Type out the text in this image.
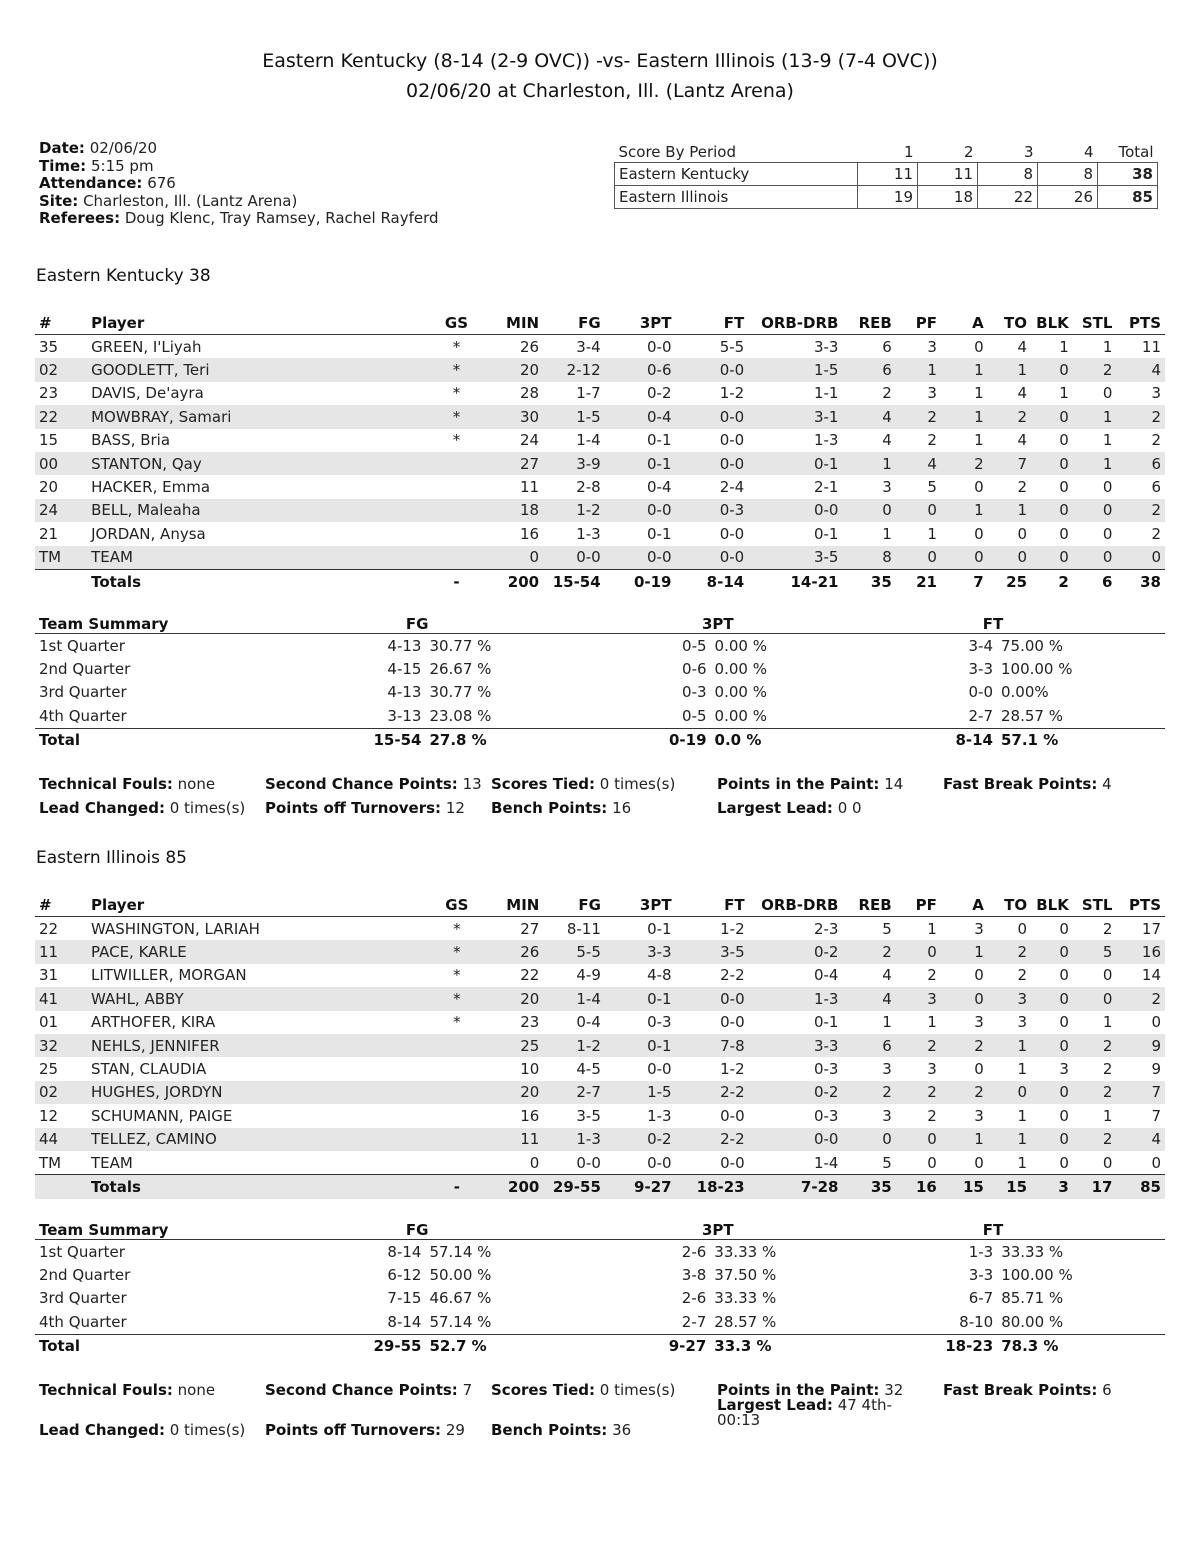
Eastern Kentucky (8-14 (2-9 OVC)) -vs- Eastern Illinois (13-9 (7-4 OVC))
02/06/20 at Charleston, Ill. (Lantz Arena)
Date: 02/06/20
Time: 5:15 pm
Attendance: 676
Site: Charleston, Ill. (Lantz Arena)
Referees: Doug Klenc, Tray Ramsey, Rachel Rayferd
Score By Period	1	2	3	4	Total
Eastern Kentucky	11	11	8	8	38
Eastern Illinois	19	18	22	26	85
Eastern Kentucky 38
#	Player	GS	MIN	FG	3PT	FT	ORB-DRB	REB	PF	A	TO	BLK	STL	PTS
35	GREEN, I'Liyah	*	26	3-4	0-0	5-5	3-3	6	3	0	4	1	1	11
02	GOODLETT, Teri	*	20	2-12	0-6	0-0	1-5	6	1	1	1	0	2	4
23	DAVIS, De'ayra	*	28	1-7	0-2	1-2	1-1	2	3	1	4	1	0	3
22	MOWBRAY, Samari	*	30	1-5	0-4	0-0	3-1	4	2	1	2	0	1	2
15	BASS, Bria	*	24	1-4	0-1	0-0	1-3	4	2	1	4	0	1	2
00	STANTON, Qay		27	3-9	0-1	0-0	0-1	1	4	2	7	0	1	6
20	HACKER, Emma		11	2-8	0-4	2-4	2-1	3	5	0	2	0	0	6
24	BELL, Maleaha		18	1-2	0-0	0-3	0-0	0	0	1	1	0	0	2
21	JORDAN, Anysa		16	1-3	0-1	0-0	0-1	1	1	0	0	0	0	2
TM	TEAM		0	0-0	0-0	0-0	3-5	8	0	0	0	0	0	0
	Totals	-	200	15-54	0-19	8-14	14-21	35	21	7	25	2	6	38
Team Summary	FG		3PT		FT	
1st Quarter	4-13	30.77 %	0-5	0.00 %	3-4	75.00 %
2nd Quarter	4-15	26.67 %	0-6	0.00 %	3-3	100.00 %
3rd Quarter	4-13	30.77 %	0-3	0.00 %	0-0	0.00%
4th Quarter	3-13	23.08 %	0-5	0.00 %	2-7	28.57 %
Total	15-54	27.8 %	0-19	0.0 %	8-14	57.1 %
Eastern Illinois 85
#	Player	GS	MIN	FG	3PT	FT	ORB-DRB	REB	PF	A	TO	BLK	STL	PTS
22	WASHINGTON, LARIAH	*	27	8-11	0-1	1-2	2-3	5	1	3	0	0	2	17
11	PACE, KARLE	*	26	5-5	3-3	3-5	0-2	2	0	1	2	0	5	16
31	LITWILLER, MORGAN	*	22	4-9	4-8	2-2	0-4	4	2	0	2	0	0	14
41	WAHL, ABBY	*	20	1-4	0-1	0-0	1-3	4	3	0	3	0	0	2
01	ARTHOFER, KIRA	*	23	0-4	0-3	0-0	0-1	1	1	3	3	0	1	0
32	NEHLS, JENNIFER		25	1-2	0-1	7-8	3-3	6	2	2	1	0	2	9
25	STAN, CLAUDIA		10	4-5	0-0	1-2	0-3	3	3	0	1	3	2	9
02	HUGHES, JORDYN		20	2-7	1-5	2-2	0-2	2	2	2	0	0	2	7
12	SCHUMANN, PAIGE		16	3-5	1-3	0-0	0-3	3	2	3	1	0	1	7
44	TELLEZ, CAMINO		11	1-3	0-2	2-2	0-0	0	0	1	1	0	2	4
TM	TEAM		0	0-0	0-0	0-0	1-4	5	0	0	1	0	0	0
	Totals	-	200	29-55	9-27	18-23	7-28	35	16	15	15	3	17	85
Team Summary	FG		3PT		FT	
1st Quarter	8-14	57.14 %	2-6	33.33 %	1-3	33.33 %
2nd Quarter	6-12	50.00 %	3-8	37.50 %	3-3	100.00 %
3rd Quarter	7-15	46.67 %	2-6	33.33 %	6-7	85.71 %
4th Quarter	8-14	57.14 %	2-7	28.57 %	8-10	80.00 %
Total	29-55	52.7 %	9-27	33.3 %	18-23	78.3 %
Technical Fouls: none	Second Chance Points: 13 Scores Tied: 0 times(s)	Points in the Paint: 14	Fast Break Points: 4
Lead Changed: 0 times(s) Points off Turnovers: 12 Bench Points: 16	Largest Lead: 0 0
Technical Fouls: none	Second Chance Points: 7 Scores Tied: 0 times(s)	Points in the Paint: 32	Fast Break Points: 6
Lead Changed: 0 times(s) Points off Turnovers: 29 Bench Points: 36
Largest Lead: 47 4th-00:13
